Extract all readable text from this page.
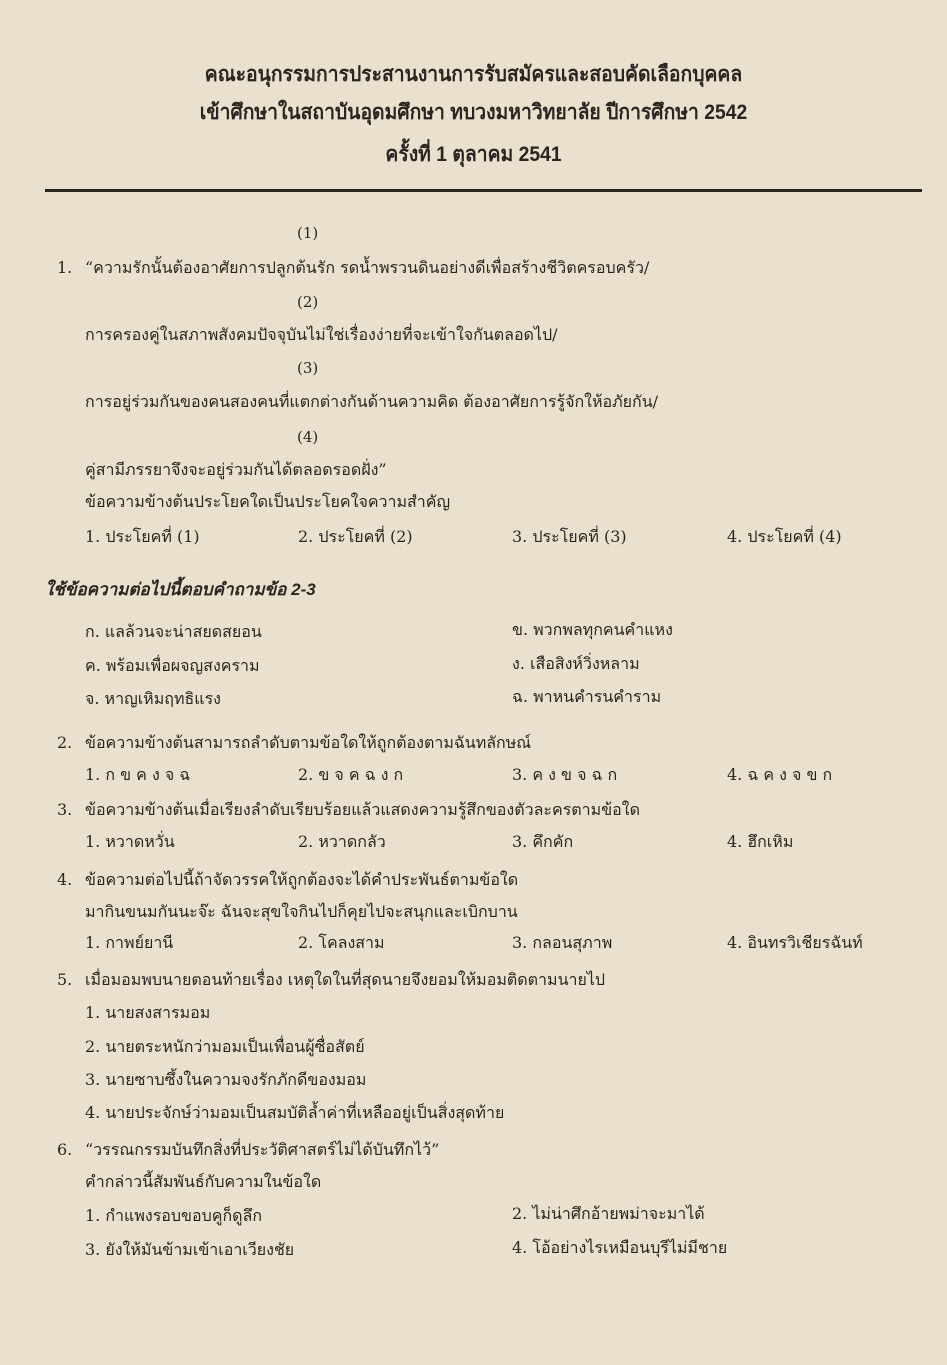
คณะอนุกรรมการประสานงานการรับสมัครและสอบคัดเลือกบุคคล
เข้าศึกษาในสถาบันอุดมศึกษา ทบวงมหาวิทยาลัย ปีการศึกษา 2542
ครั้งที่ 1 ตุลาคม 2541
(1)
1. “ความรักนั้นต้องอาศัยการปลูกต้นรัก รดน้ำพรวนดินอย่างดีเพื่อสร้างชีวิตครอบครัว/
(2)
การครองคู่ในสภาพสังคมปัจจุบันไม่ใช่เรื่องง่ายที่จะเข้าใจกันตลอดไป/
(3)
การอยู่ร่วมกันของคนสองคนที่แตกต่างกันด้านความคิด ต้องอาศัยการรู้จักให้อภัยกัน/
(4)
คู่สามีภรรยาจึงจะอยู่ร่วมกันได้ตลอดรอดฝั่ง”
ข้อความข้างต้นประโยคใดเป็นประโยคใจความสำคัญ
1. ประโยคที่ (1)	2. ประโยคที่ (2)	3. ประโยคที่ (3)	4. ประโยคที่ (4)
ใช้ข้อความต่อไปนี้ตอบคำถามข้อ 2-3
ก. แลล้วนจะน่าสยดสยอน	ข. พวกพลทุกคนคำแหง
ค. พร้อมเพื่อผจญสงคราม	ง. เสือสิงห์วิ่งหลาม
จ. หาญเหิมฤทธิแรง	ฉ. พาหนคำรนคำราม
2. ข้อความข้างต้นสามารถลำดับตามข้อใดให้ถูกต้องตามฉันทลักษณ์
1. ก ข ค ง จ ฉ	2. ข จ ค ฉ ง ก	3. ค ง ข จ ฉ ก	4. ฉ ค ง จ ข ก
3. ข้อความข้างต้นเมื่อเรียงลำดับเรียบร้อยแล้วแสดงความรู้สึกของตัวละครตามข้อใด
1. หวาดหวั่น	2. หวาดกลัว	3. คึกคัก	4. ฮึกเหิม
4. ข้อความต่อไปนี้ถ้าจัดวรรคให้ถูกต้องจะได้คำประพันธ์ตามข้อใด
มากินขนมกันนะจ๊ะ ฉันจะสุขใจกินไปก็คุยไปจะสนุกและเบิกบาน
1. กาพย์ยานี	2. โคลงสาม	3. กลอนสุภาพ	4. อินทรวิเชียรฉันท์
5. เมื่อมอมพบนายตอนท้ายเรื่อง เหตุใดในที่สุดนายจึงยอมให้มอมติดตามนายไป
1. นายสงสารมอม
2. นายตระหนักว่ามอมเป็นเพื่อนผู้ซื่อสัตย์
3. นายซาบซึ้งในความจงรักภักดีของมอม
4. นายประจักษ์ว่ามอมเป็นสมบัติล้ำค่าที่เหลืออยู่เป็นสิ่งสุดท้าย
6. “วรรณกรรมบันทึกสิ่งที่ประวัติศาสตร์ไม่ได้บันทึกไว้”
คำกล่าวนี้สัมพันธ์กับความในข้อใด
1. กำแพงรอบขอบคูก็ดูลึก	2. ไม่น่าศึกอ้ายพม่าจะมาได้
3. ยังให้มันข้ามเข้าเอาเวียงชัย	4. โอ้อย่างไรเหมือนบุรีไม่มีชาย
